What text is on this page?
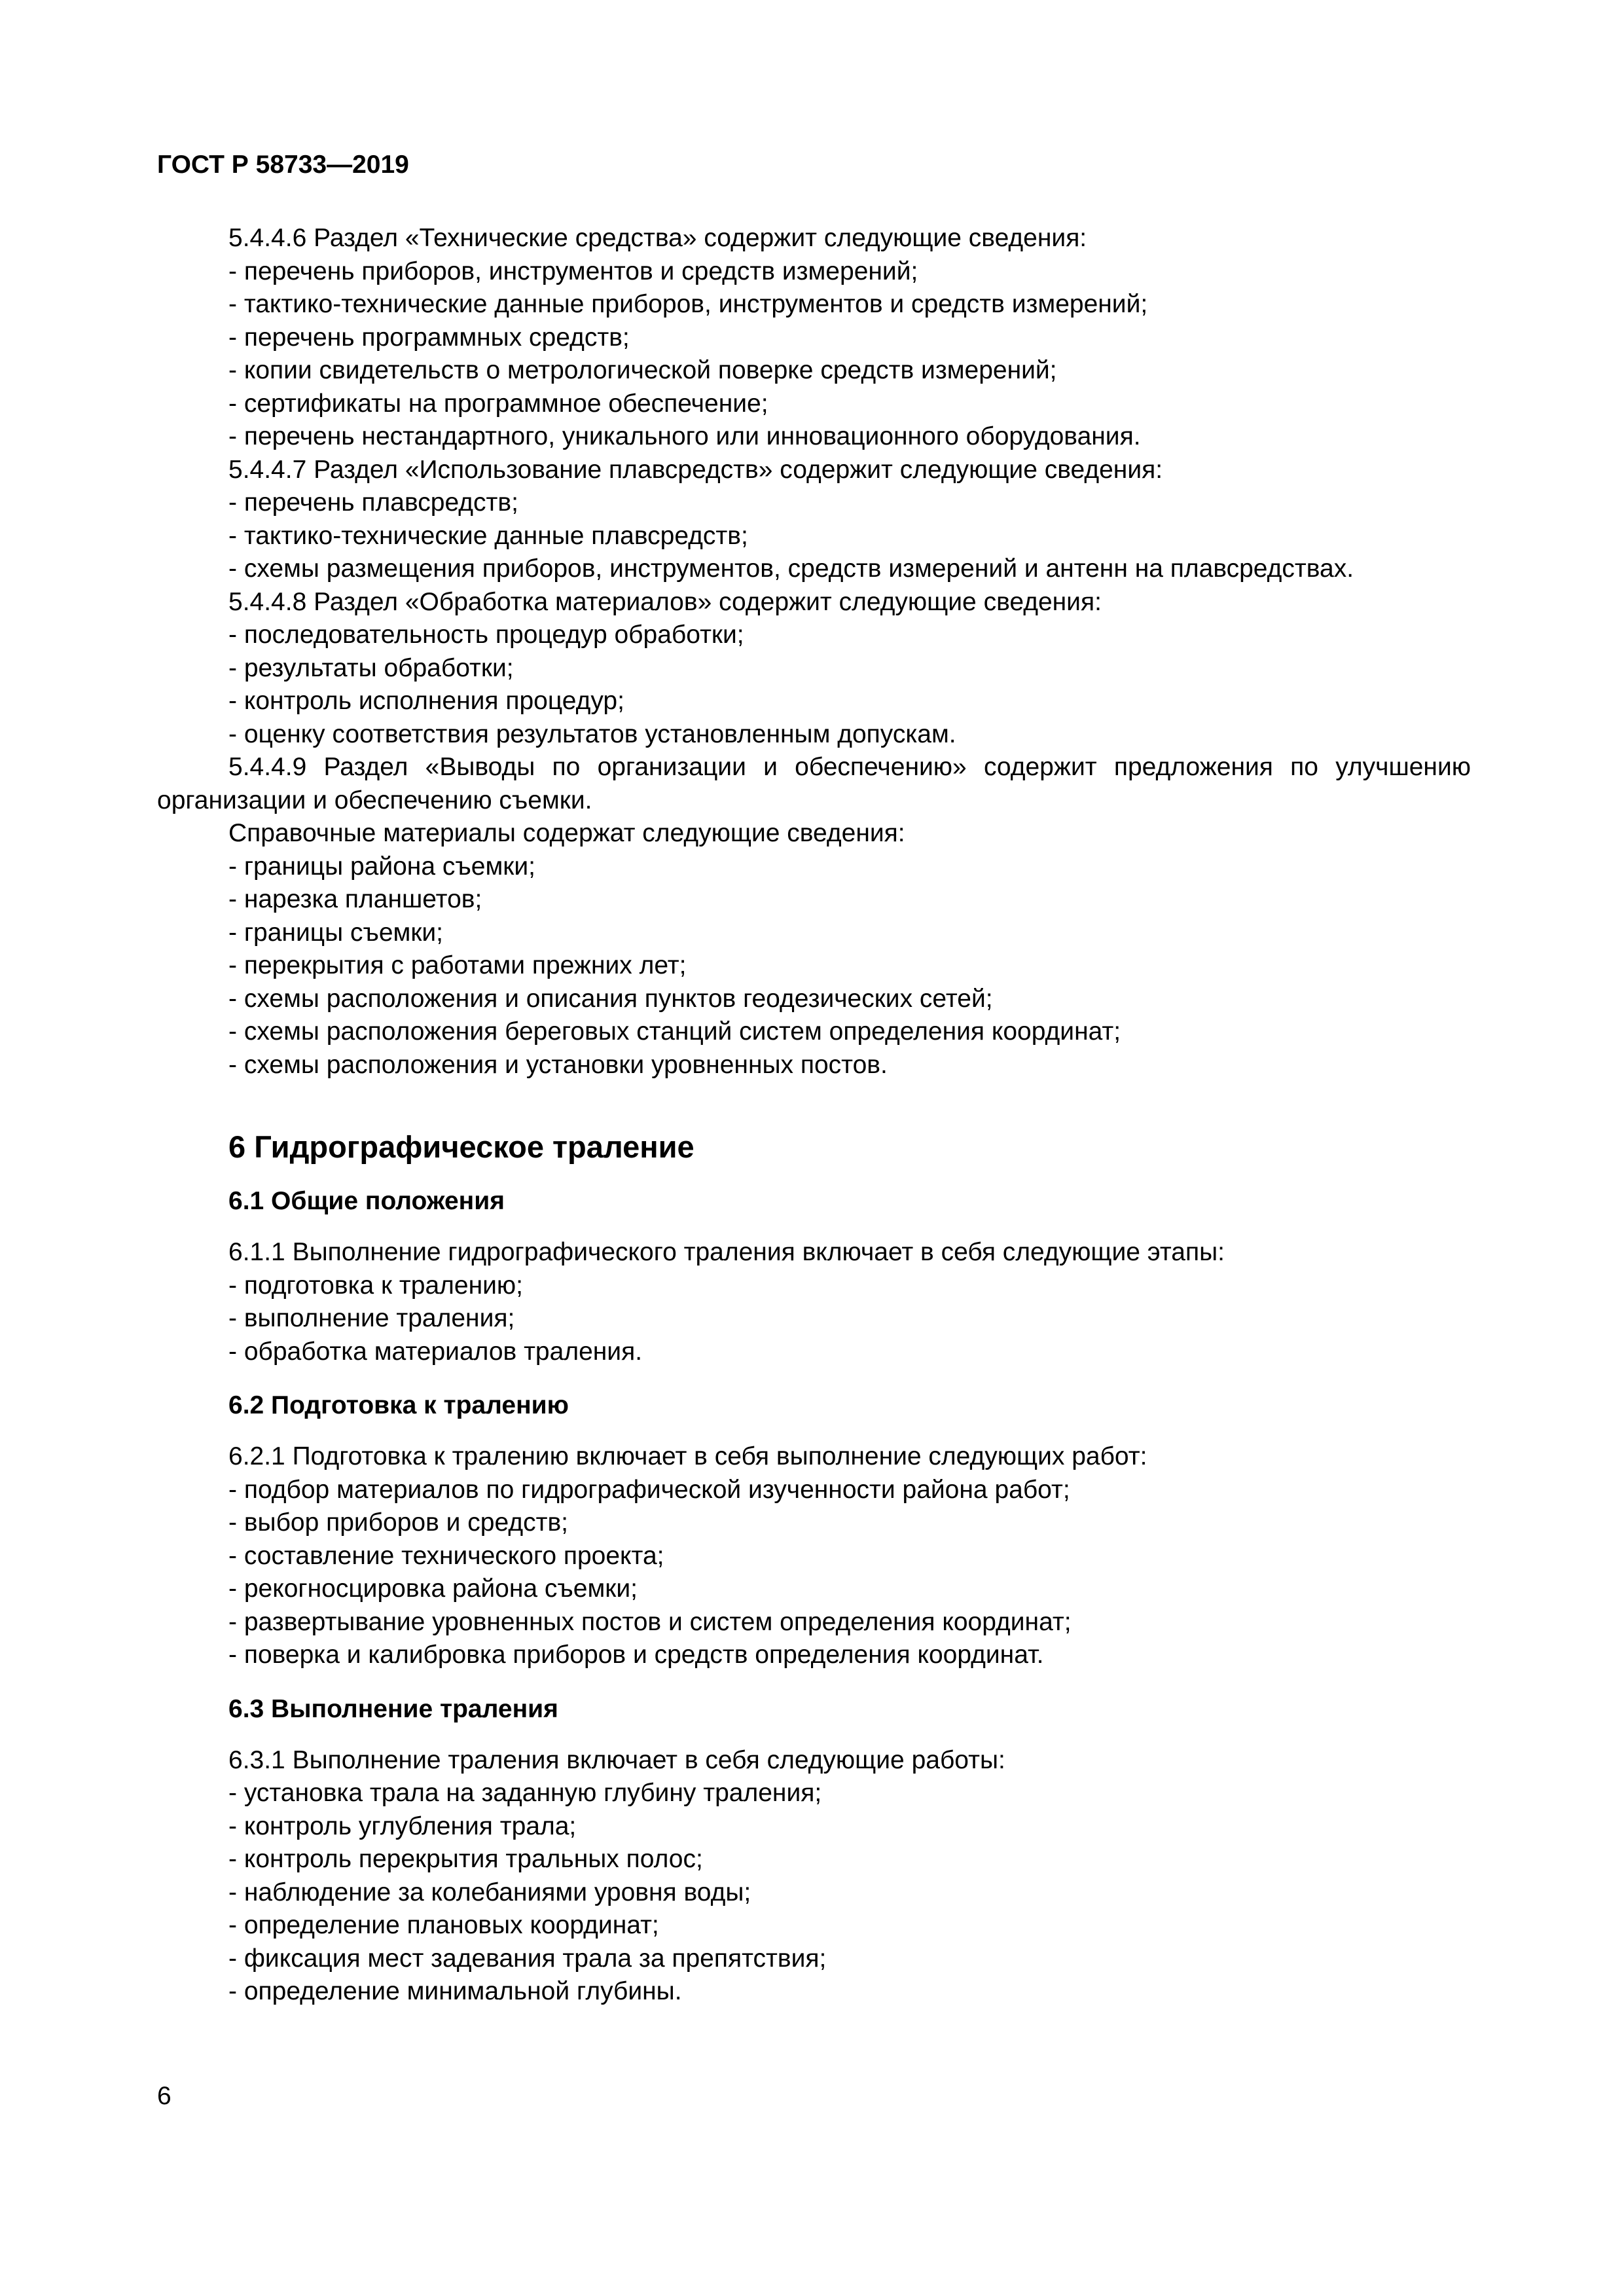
ГОСТ Р 58733—2019

5.4.4.6 Раздел «Технические средства» содержит следующие сведения:

- перечень приборов, инструментов и средств измерений;

- тактико-технические данные приборов, инструментов и средств измерений;

- перечень программных средств;

- копии свидетельств о метрологической поверке средств измерений;

- сертификаты на программное обеспечение;

- перечень нестандартного, уникального или инновационного оборудования.

5.4.4.7 Раздел «Использование плавсредств» содержит следующие сведения:

- перечень плавсредств;

- тактико-технические данные плавсредств;

- схемы размещения приборов, инструментов, средств измерений и антенн на плавсредствах.

5.4.4.8 Раздел «Обработка материалов» содержит следующие сведения:

- последовательность процедур обработки;

- результаты обработки;

- контроль исполнения процедур;

- оценку соответствия результатов установленным допускам.

5.4.4.9 Раздел «Выводы по организации и обеспечению» содержит предложения по улучшению организации и обеспечению съемки.

Справочные материалы содержат следующие сведения:

- границы района съемки;

- нарезка планшетов;

- границы съемки;

- перекрытия с работами прежних лет;

- схемы расположения и описания пунктов геодезических сетей;

- схемы расположения береговых станций систем определения координат;

- схемы расположения и установки уровненных постов.

6 Гидрографическое траление
6.1 Общие положения

6.1.1 Выполнение гидрографического траления включает в себя следующие этапы:

- подготовка к тралению;

- выполнение траления;

- обработка материалов траления.

6.2 Подготовка к тралению

6.2.1 Подготовка к тралению включает в себя выполнение следующих работ:

- подбор материалов по гидрографической изученности района работ;

- выбор приборов и средств;

- составление технического проекта;

- рекогносцировка района съемки;

- развертывание уровненных постов и систем определения координат;

- поверка и калибровка приборов и средств определения координат.

6.3 Выполнение траления

6.3.1 Выполнение траления включает в себя следующие работы:

- установка трала на заданную глубину траления;

- контроль углубления трала;

- контроль перекрытия тральных полос;

- наблюдение за колебаниями уровня воды;

- определение плановых координат;

- фиксация мест задевания трала за препятствия;

- определение минимальной глубины.

6
